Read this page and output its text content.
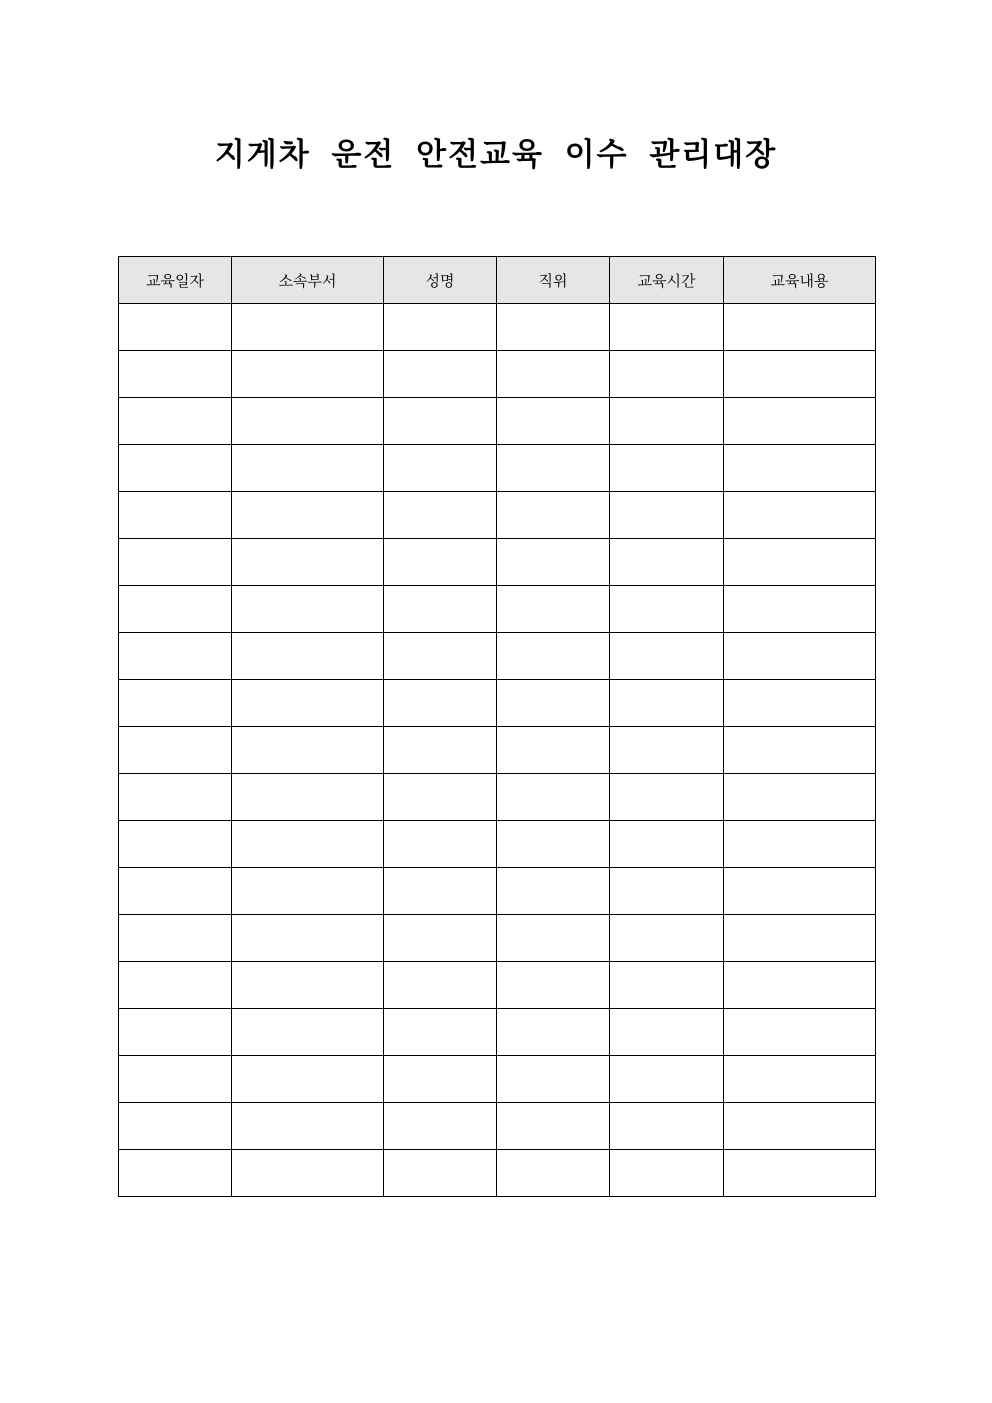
지게차 운전 안전교육 이수 관리대장
교육일자	소속부서	성명	직위	교육시간	교육내용
